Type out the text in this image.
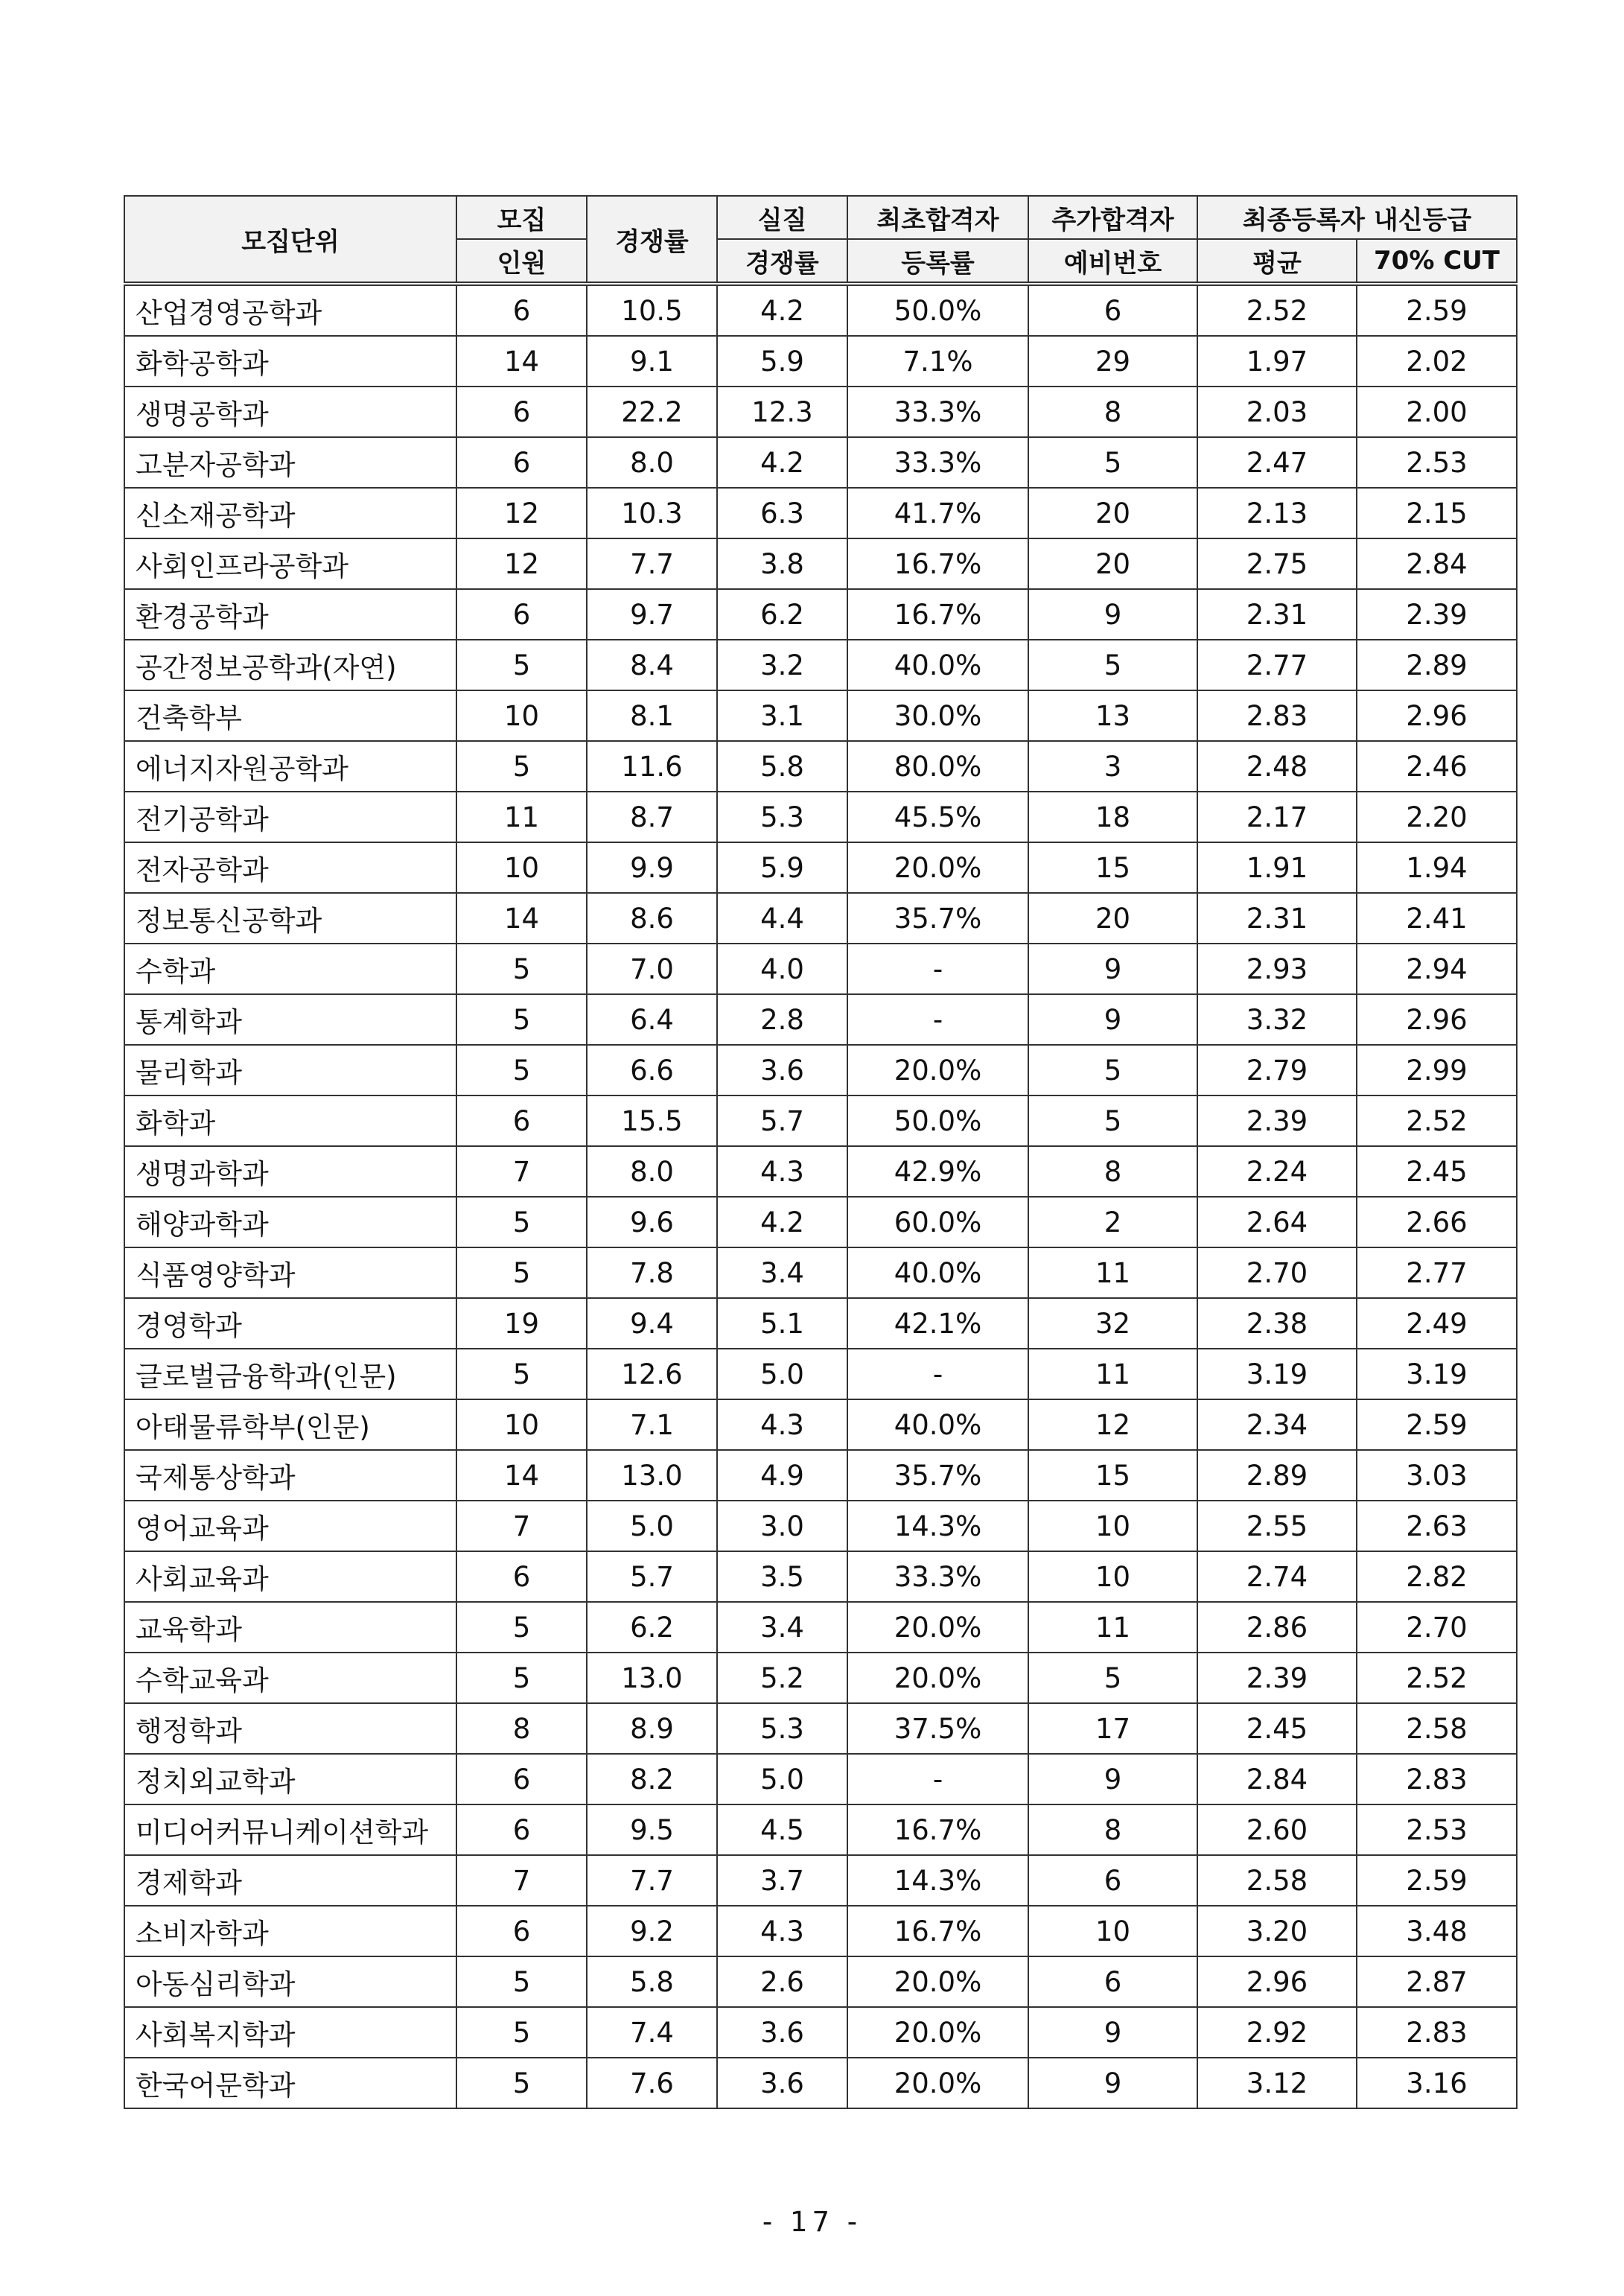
모집단위	모집	경쟁률	실질	최초합격자	추가합격자	최종등록자 내신등급	
	인원		경쟁률	등록률	예비번호	평균	70% CUT
산업경영공학과	6	10.5	4.2	50.0%	6	2.52	2.59
화학공학과	14	9.1	5.9	7.1%	29	1.97	2.02
생명공학과	6	22.2	12.3	33.3%	8	2.03	2.00
고분자공학과	6	8.0	4.2	33.3%	5	2.47	2.53
신소재공학과	12	10.3	6.3	41.7%	20	2.13	2.15
사회인프라공학과	12	7.7	3.8	16.7%	20	2.75	2.84
환경공학과	6	9.7	6.2	16.7%	9	2.31	2.39
공간정보공학과(자연)	5	8.4	3.2	40.0%	5	2.77	2.89
건축학부	10	8.1	3.1	30.0%	13	2.83	2.96
에너지자원공학과	5	11.6	5.8	80.0%	3	2.48	2.46
전기공학과	11	8.7	5.3	45.5%	18	2.17	2.20
전자공학과	10	9.9	5.9	20.0%	15	1.91	1.94
정보통신공학과	14	8.6	4.4	35.7%	20	2.31	2.41
수학과	5	7.0	4.0	-	9	2.93	2.94
통계학과	5	6.4	2.8	-	9	3.32	2.96
물리학과	5	6.6	3.6	20.0%	5	2.79	2.99
화학과	6	15.5	5.7	50.0%	5	2.39	2.52
생명과학과	7	8.0	4.3	42.9%	8	2.24	2.45
해양과학과	5	9.6	4.2	60.0%	2	2.64	2.66
식품영양학과	5	7.8	3.4	40.0%	11	2.70	2.77
경영학과	19	9.4	5.1	42.1%	32	2.38	2.49
글로벌금융학과(인문)	5	12.6	5.0	-	11	3.19	3.19
아태물류학부(인문)	10	7.1	4.3	40.0%	12	2.34	2.59
국제통상학과	14	13.0	4.9	35.7%	15	2.89	3.03
영어교육과	7	5.0	3.0	14.3%	10	2.55	2.63
사회교육과	6	5.7	3.5	33.3%	10	2.74	2.82
교육학과	5	6.2	3.4	20.0%	11	2.86	2.70
수학교육과	5	13.0	5.2	20.0%	5	2.39	2.52
행정학과	8	8.9	5.3	37.5%	17	2.45	2.58
정치외교학과	6	8.2	5.0	-	9	2.84	2.83
미디어커뮤니케이션학과	6	9.5	4.5	16.7%	8	2.60	2.53
경제학과	7	7.7	3.7	14.3%	6	2.58	2.59
소비자학과	6	9.2	4.3	16.7%	10	3.20	3.48
아동심리학과	5	5.8	2.6	20.0%	6	2.96	2.87
사회복지학과	5	7.4	3.6	20.0%	9	2.92	2.83
한국어문학과	5	7.6	3.6	20.0%	9	3.12	3.16
- 17 -
